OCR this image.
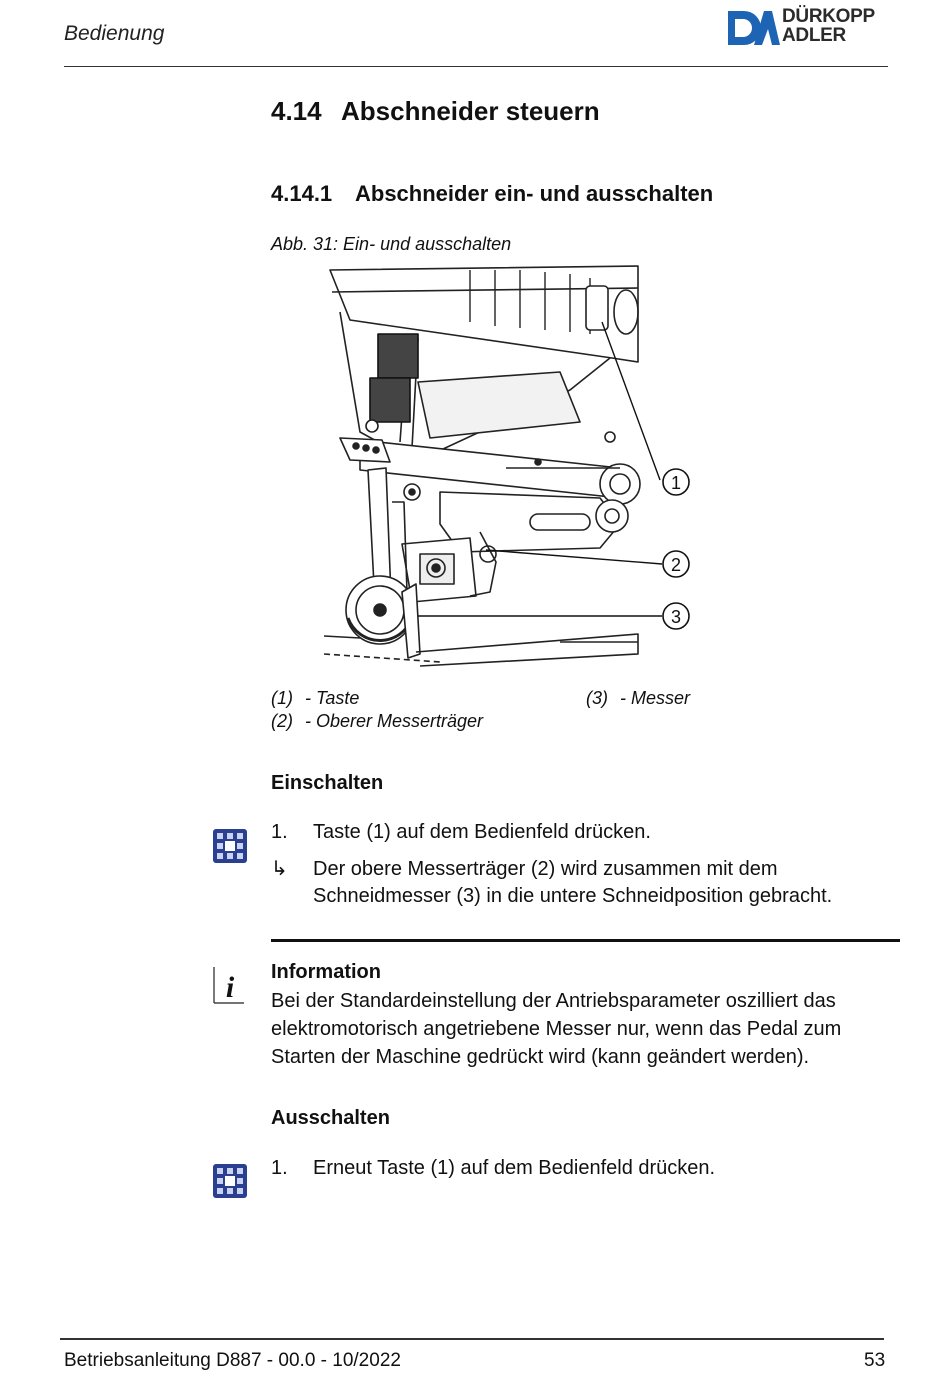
Bedienung
DÜRKOPP
ADLER
4.14 Abschneider steuern
4.14.1 Abschneider ein- und ausschalten
Abb. 31: Ein- und ausschalten
1
2
3
(1) - Taste
(2) - Oberer Messerträger
(3) - Messer
Einschalten
1. Taste (1) auf dem Bedienfeld drücken.
↳ Der obere Messerträger (2) wird zusammen mit dem Schneidmesser (3) in die untere Schneidposition gebracht.
i Information
Bei der Standardeinstellung der Antriebsparameter oszilliert das elektromotorisch angetriebene Messer nur, wenn das Pedal zum Starten der Maschine gedrückt wird (kann geändert werden).
Ausschalten
1. Erneut Taste (1) auf dem Bedienfeld drücken.
Betriebsanleitung D887 - 00.0 - 10/2022	53
